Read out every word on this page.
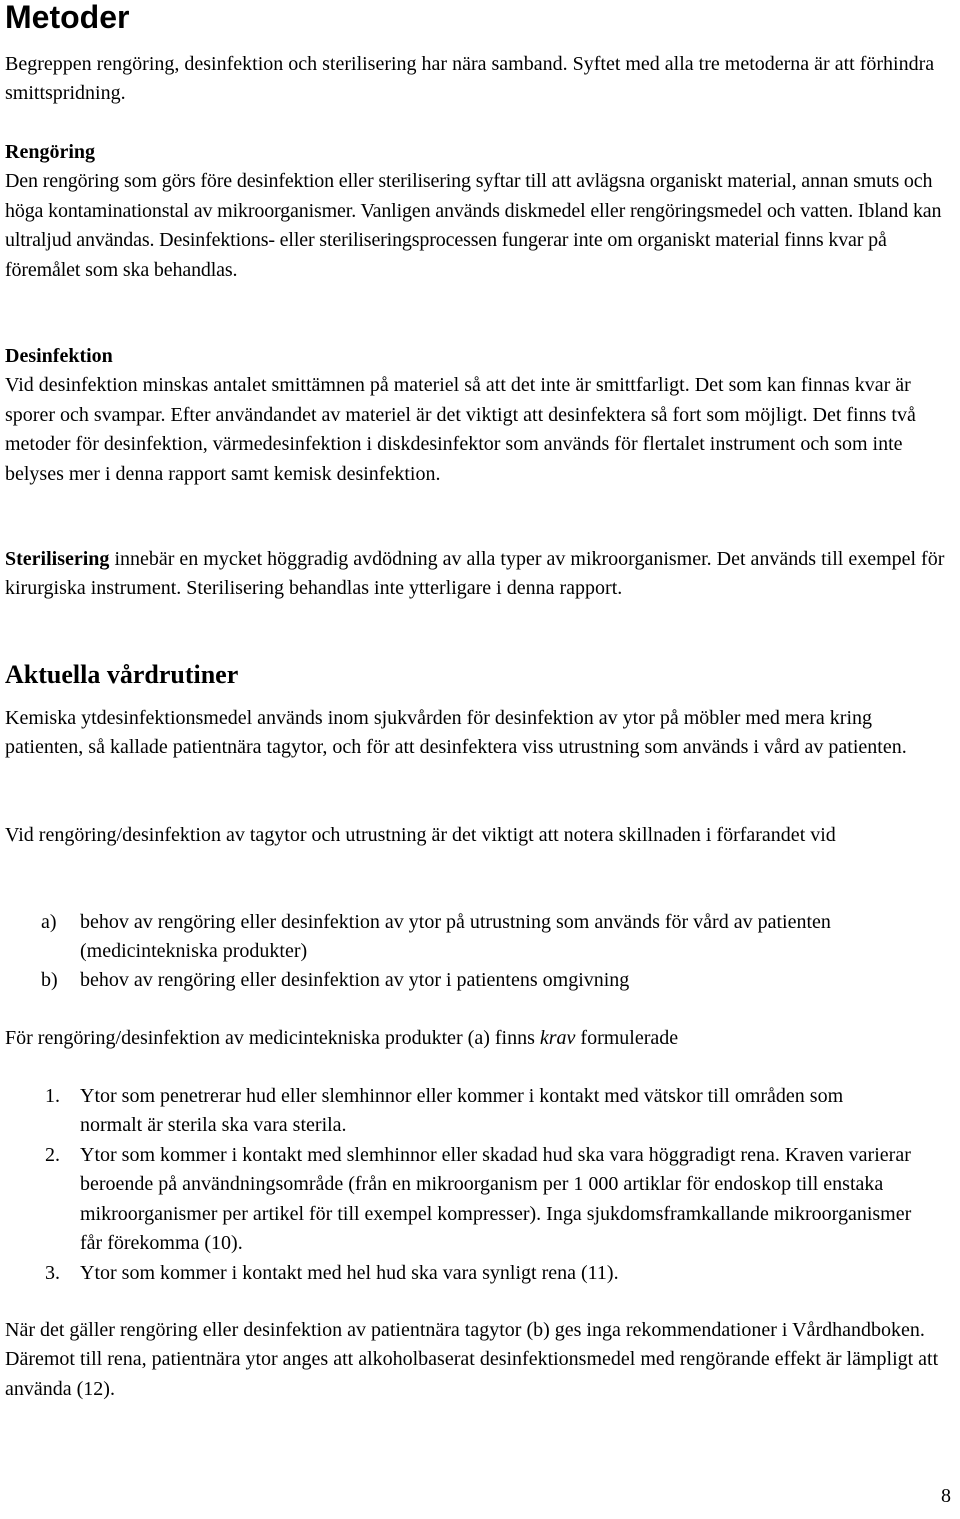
Metoder

Begreppen rengöring, desinfektion och sterilisering har nära samband. Syftet med alla tre metoderna är att förhindra smittspridning.

Rengöring
Den rengöring som görs före desinfektion eller sterilisering syftar till att avlägsna organiskt material, annan smuts och höga kontaminationstal av mikroorganismer. Vanligen används diskmedel eller rengöringsmedel och vatten. Ibland kan ultraljud användas. Desinfektions- eller steriliseringsprocessen fungerar inte om organiskt material finns kvar på föremålet som ska behandlas.
Desinfektion
Vid desinfektion minskas antalet smittämnen på materiel så att det inte är smittfarligt. Det som kan finnas kvar är sporer och svampar. Efter användandet av materiel är det viktigt att desinfektera så fort som möjligt. Det finns två metoder för desinfektion, värmedesinfektion i diskdesinfektor som används för flertalet instrument och som inte belyses mer i denna rapport samt kemisk desinfektion.

Sterilisering innebär en mycket höggradig avdödning av alla typer av mikroorganismer. Det används till exempel för kirurgiska instrument. Sterilisering behandlas inte ytterligare i denna rapport.

Aktuella vårdrutiner

Kemiska ytdesinfektionsmedel används inom sjukvården för desinfektion av ytor på möbler med mera kring patienten, så kallade patientnära tagytor, och för att desinfektera viss utrustning som används i vård av patienten.

Vid rengöring/desinfektion av tagytor och utrustning är det viktigt att notera skillnaden i förfarandet vid

a) behov av rengöring eller desinfektion av ytor på utrustning som används för vård av patienten (medicintekniska produkter)
b) behov av rengöring eller desinfektion av ytor i patientens omgivning

För rengöring/desinfektion av medicintekniska produkter (a) finns krav formulerade

1. Ytor som penetrerar hud eller slemhinnor eller kommer i kontakt med vätskor till områden som normalt är sterila ska vara sterila.
2. Ytor som kommer i kontakt med slemhinnor eller skadad hud ska vara höggradigt rena. Kraven varierar beroende på användningsområde (från en mikroorganism per 1 000 artiklar för endoskop till enstaka mikroorganismer per artikel för till exempel kompresser). Inga sjukdomsframkallande mikroorganismer får förekomma (10).
3. Ytor som kommer i kontakt med hel hud ska vara synligt rena (11).

När det gäller rengöring eller desinfektion av patientnära tagytor (b) ges inga rekommendationer i Vårdhandboken. Däremot till rena, patientnära ytor anges att alkoholbaserat desinfektionsmedel med rengörande effekt är lämpligt att använda (12).

8
